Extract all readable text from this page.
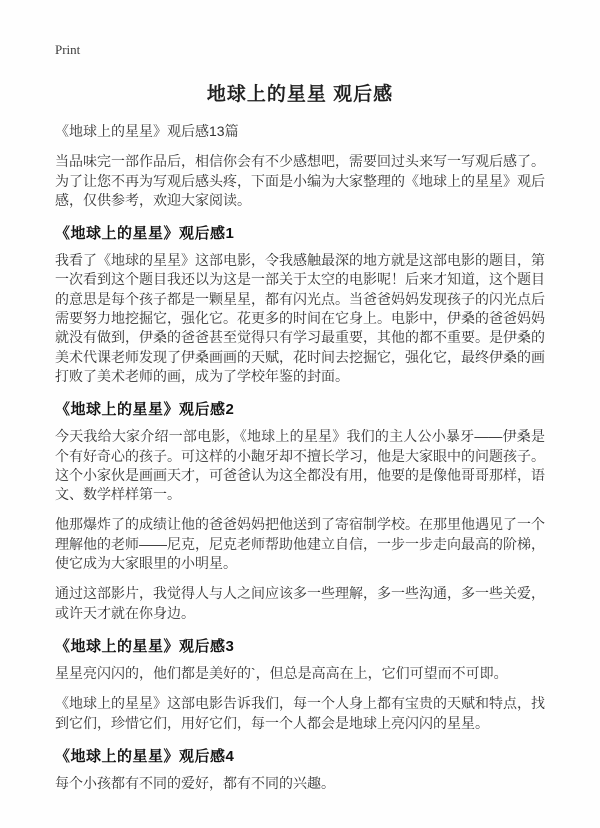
Print
地球上的星星 观后感

《地球上的星星》观后感13篇

当品味完一部作品后，相信你会有不少感想吧，需要回过头来写一写观后感了。为了让您不再为写观后感头疼，下面是小编为大家整理的《地球上的星星》观后感，仅供参考，欢迎大家阅读。

《地球上的星星》观后感1

我看了《地球的星星》这部电影，令我感触最深的地方就是这部电影的题目，第一次看到这个题目我还以为这是一部关于太空的电影呢！后来才知道，这个题目的意思是每个孩子都是一颗星星，都有闪光点。当爸爸妈妈发现孩子的闪光点后需要努力地挖掘它，强化它。花更多的时间在它身上。电影中，伊桑的爸爸妈妈就没有做到，伊桑的爸爸甚至觉得只有学习最重要，其他的都不重要。是伊桑的美术代课老师发现了伊桑画画的天赋，花时间去挖掘它，强化它，最终伊桑的画打败了美术老师的画，成为了学校年鉴的封面。

《地球上的星星》观后感2

今天我给大家介绍一部电影，《地球上的星星》我们的主人公小暴牙——伊桑是个有好奇心的孩子。可这样的小龅牙却不擅长学习，他是大家眼中的问题孩子。这个小家伙是画画天才，可爸爸认为这全都没有用，他要的是像他哥哥那样，语文、数学样样第一。

他那爆炸了的成绩让他的爸爸妈妈把他送到了寄宿制学校。在那里他遇见了一个理解他的老师——尼克，尼克老师帮助他建立自信，一步一步走向最高的阶梯，使它成为大家眼里的小明星。

通过这部影片，我觉得人与人之间应该多一些理解，多一些沟通，多一些关爱，或许天才就在你身边。

《地球上的星星》观后感3

星星亮闪闪的，他们都是美好的`，但总是高高在上，它们可望而不可即。

《地球上的星星》这部电影告诉我们，每一个人身上都有宝贵的天赋和特点，找到它们，珍惜它们，用好它们，每一个人都会是地球上亮闪闪的星星。

《地球上的星星》观后感4

每个小孩都有不同的爱好，都有不同的兴趣。
